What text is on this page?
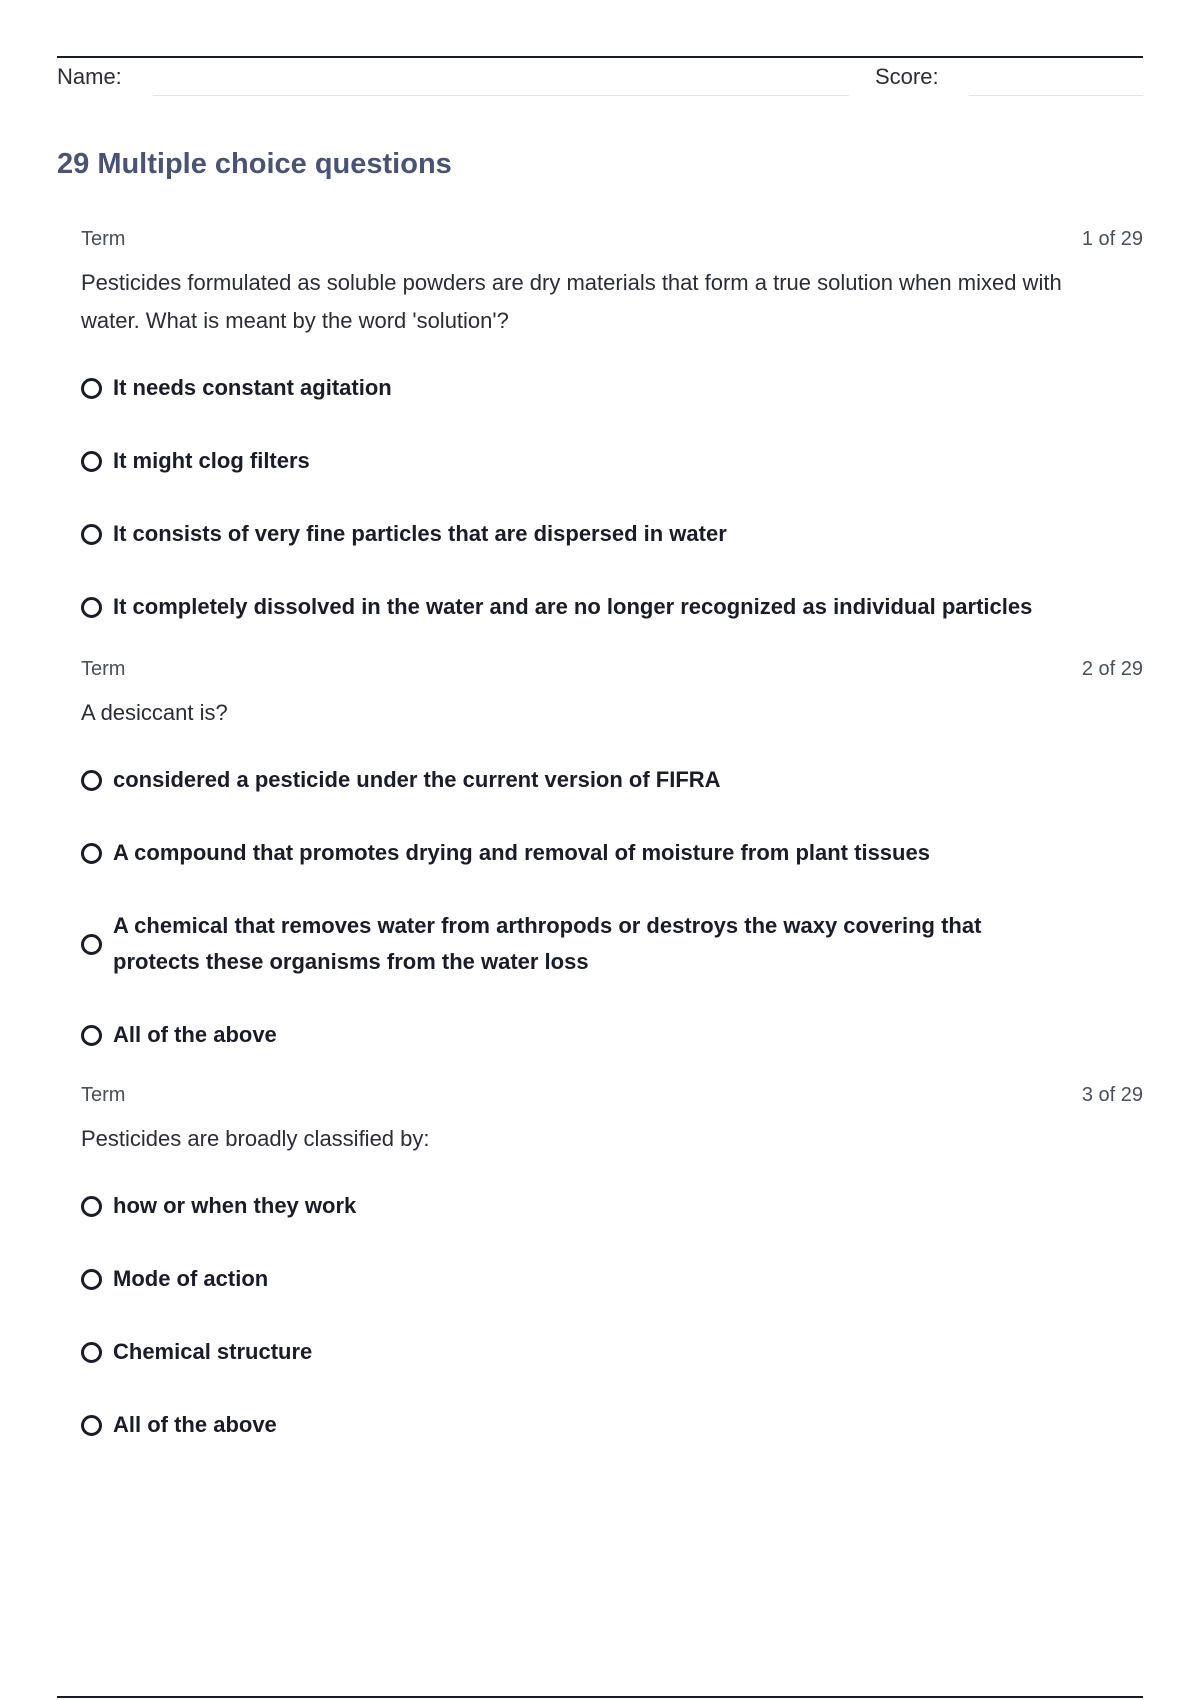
Name:	Score:
29 Multiple choice questions
Term	1 of 29

Pesticides formulated as soluble powders are dry materials that form a true solution when mixed with water. What is meant by the word 'solution'?

It needs constant agitation
It might clog filters
It consists of very fine particles that are dispersed in water
It completely dissolved in the water and are no longer recognized as individual particles
Term	2 of 29

A desiccant is?

considered a pesticide under the current version of FIFRA
A compound that promotes drying and removal of moisture from plant tissues
A chemical that removes water from arthropods or destroys the waxy covering that protects these organisms from the water loss
All of the above
Term	3 of 29

Pesticides are broadly classified by:

how or when they work
Mode of action
Chemical structure
All of the above
